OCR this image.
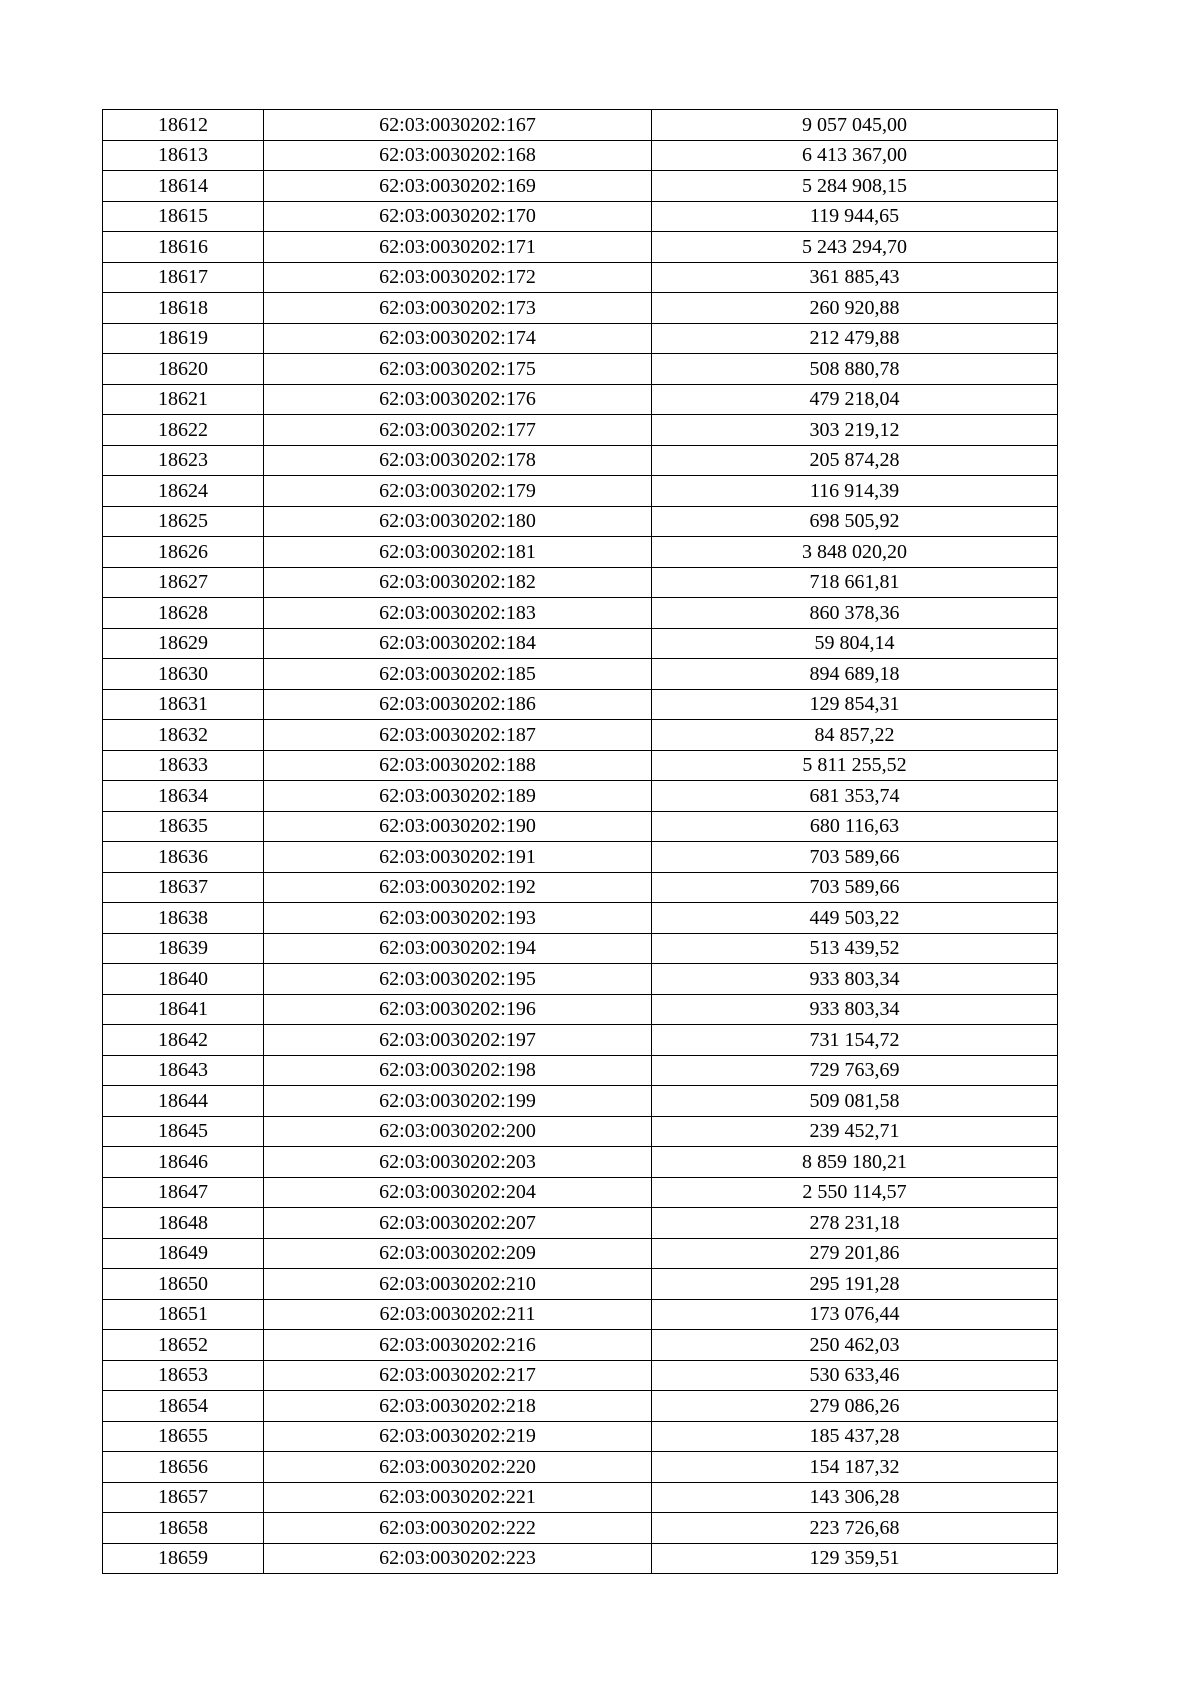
18612	62:03:0030202:167	9 057 045,00
18613	62:03:0030202:168	6 413 367,00
18614	62:03:0030202:169	5 284 908,15
18615	62:03:0030202:170	119 944,65
18616	62:03:0030202:171	5 243 294,70
18617	62:03:0030202:172	361 885,43
18618	62:03:0030202:173	260 920,88
18619	62:03:0030202:174	212 479,88
18620	62:03:0030202:175	508 880,78
18621	62:03:0030202:176	479 218,04
18622	62:03:0030202:177	303 219,12
18623	62:03:0030202:178	205 874,28
18624	62:03:0030202:179	116 914,39
18625	62:03:0030202:180	698 505,92
18626	62:03:0030202:181	3 848 020,20
18627	62:03:0030202:182	718 661,81
18628	62:03:0030202:183	860 378,36
18629	62:03:0030202:184	59 804,14
18630	62:03:0030202:185	894 689,18
18631	62:03:0030202:186	129 854,31
18632	62:03:0030202:187	84 857,22
18633	62:03:0030202:188	5 811 255,52
18634	62:03:0030202:189	681 353,74
18635	62:03:0030202:190	680 116,63
18636	62:03:0030202:191	703 589,66
18637	62:03:0030202:192	703 589,66
18638	62:03:0030202:193	449 503,22
18639	62:03:0030202:194	513 439,52
18640	62:03:0030202:195	933 803,34
18641	62:03:0030202:196	933 803,34
18642	62:03:0030202:197	731 154,72
18643	62:03:0030202:198	729 763,69
18644	62:03:0030202:199	509 081,58
18645	62:03:0030202:200	239 452,71
18646	62:03:0030202:203	8 859 180,21
18647	62:03:0030202:204	2 550 114,57
18648	62:03:0030202:207	278 231,18
18649	62:03:0030202:209	279 201,86
18650	62:03:0030202:210	295 191,28
18651	62:03:0030202:211	173 076,44
18652	62:03:0030202:216	250 462,03
18653	62:03:0030202:217	530 633,46
18654	62:03:0030202:218	279 086,26
18655	62:03:0030202:219	185 437,28
18656	62:03:0030202:220	154 187,32
18657	62:03:0030202:221	143 306,28
18658	62:03:0030202:222	223 726,68
18659	62:03:0030202:223	129 359,51
